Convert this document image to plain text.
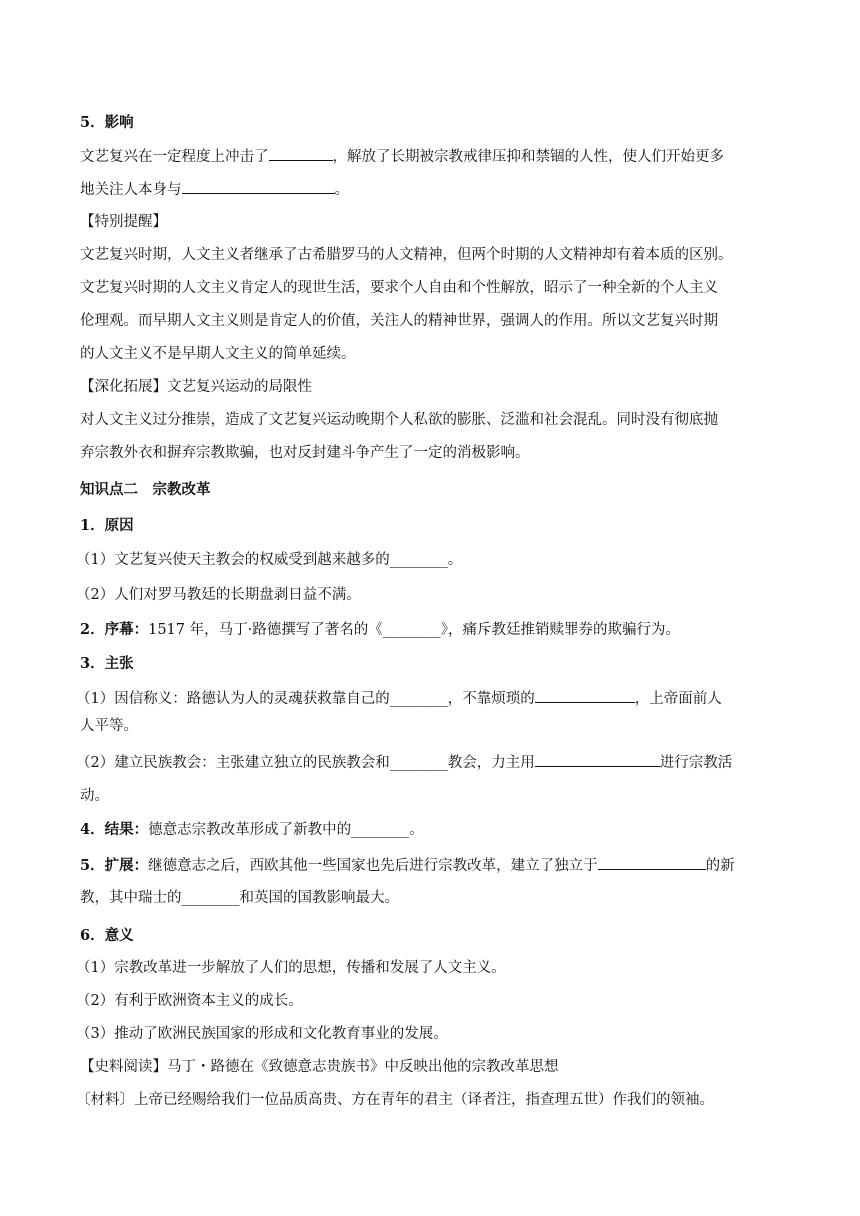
5．影响
文艺复兴在一定程度上冲击了	，解放了长期被宗教戒律压抑和禁锢的人性，使人们开始更多
地关注人本身与	。
【特别提醒】
文艺复兴时期，人文主义者继承了古希腊罗马的人文精神，但两个时期的人文精神却有着本质的区别。
文艺复兴时期的人文主义肯定人的现世生活，要求个人自由和个性解放，昭示了一种全新的个人主义
伦理观。而早期人文主义则是肯定人的价值，关注人的精神世界，强调人的作用。所以文艺复兴时期
的人文主义不是早期人文主义的简单延续。
【深化拓展】文艺复兴运动的局限性
对人文主义过分推崇，造成了文艺复兴运动晚期个人私欲的膨胀、泛滥和社会混乱。同时没有彻底抛
弃宗教外衣和摒弃宗教欺骗，也对反封建斗争产生了一定的消极影响。
知识点二　宗教改革
1．原因
（1）文艺复兴使天主教会的权威受到越来越多的________。
（2）人们对罗马教廷的长期盘剥日益不满。
2．序幕：1517 年，马丁·路德撰写了著名的《________》，痛斥教廷推销赎罪券的欺骗行为。
3．主张
（1）因信称义：路德认为人的灵魂获救靠自己的________，不靠烦琐的	，上帝面前人
人平等。
（2）建立民族教会：主张建立独立的民族教会和________教会，力主用	进行宗教活
动。
4．结果：德意志宗教改革形成了新教中的________。
5．扩展：继德意志之后，西欧其他一些国家也先后进行宗教改革，建立了独立于	的新
教，其中瑞士的________和英国的国教影响最大。
6．意义
（1）宗教改革进一步解放了人们的思想，传播和发展了人文主义。
（2）有利于欧洲资本主义的成长。
（3）推动了欧洲民族国家的形成和文化教育事业的发展。
【史料阅读】马丁・路德在《致德意志贵族书》中反映出他的宗教改革思想
〔材料〕上帝已经赐给我们一位品质高贵、方在青年的君主（译者注，指查理五世）作我们的领袖。
